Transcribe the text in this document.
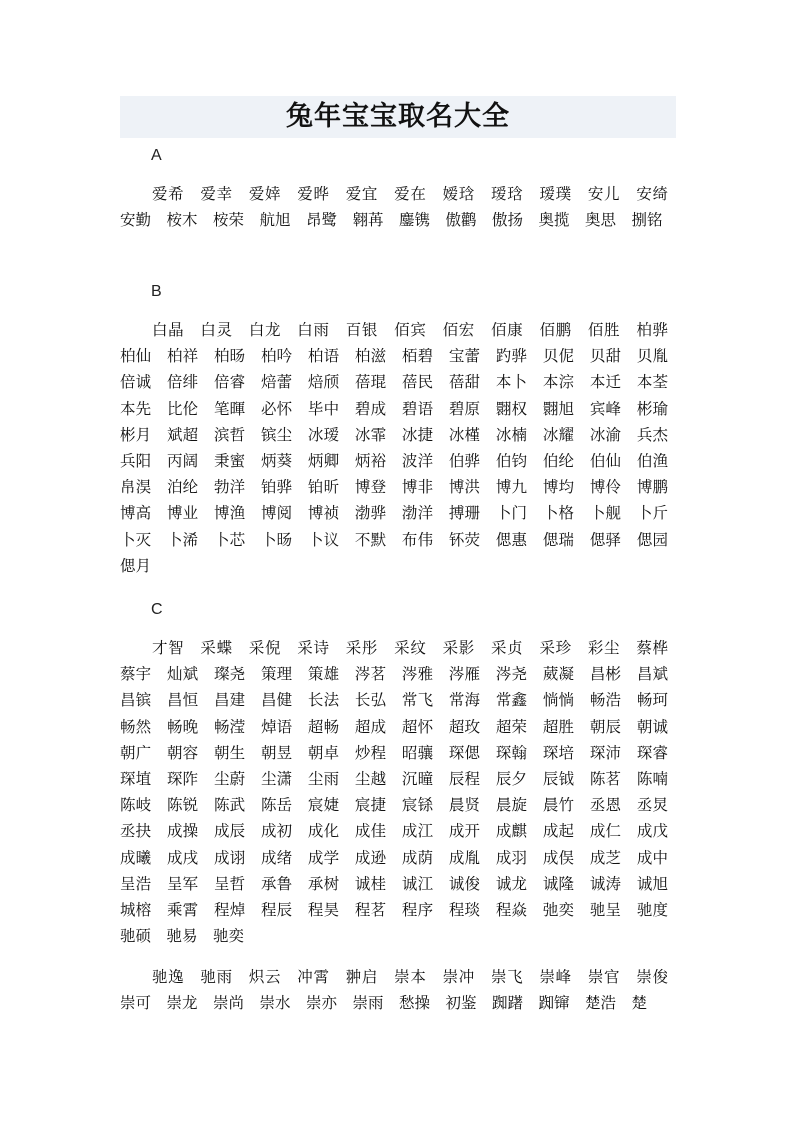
兔年宝宝取名大全
A
爱希　爱幸　爱婞　爱晔　爱宜　爱在　嫒琀　瑷琀　瑷璞　安儿　安绮　安勤　桉木　桉荣　航旭　昂鹭　翱苒　鏖镌　傲鹳　傲扬　奥揽　奥思　捌铭
B
白晶　白灵　白龙　白雨　百银　佰宾　佰宏　佰康　佰鹏　佰胜　柏骅　柏仙　柏祥　柏旸　柏吟　柏语　柏滋　栢碧　宝蕾　趵骅　贝伲　贝甜　贝胤　倍诚　倍绯　倍睿　焙蕾　焙颀　蓓琨　蓓民　蓓甜　本卜　本淙　本迁　本荃　本先　比伦　笔暉　必怀　毕中　碧成　碧语　碧原　翾权　翾旭　宾峰　彬瑜　彬月　斌超　滨哲　镔尘　冰瑷　冰霏　冰捷　冰槿　冰楠　冰耀　冰渝　兵杰　兵阳　丙阔　秉蜜　炳葵　炳卿　炳裕　波洋　伯骅　伯钧　伯纶　伯仙　伯渔　帛淏　泊纶　勃洋　铂骅　铂昕　博登　博非　博洪　博九　博均　博伶　博鹏　博高　博业　博渔　博阅　博祯　渤骅　渤洋　搏珊　卜门　卜格　卜舰　卜斤　卜灭　卜浠　卜芯　卜旸　卜议　不默　布伟　钚荧　偲惠　偲瑞　偲驿　偲园　偲月
C
才智　采蝶　采倪　采诗　采彤　采纹　采影　采贞　采珍　彩尘　蔡桦　蔡宇　灿斌　璨尧　策理　策雄　涔茗　涔雅　涔雁　涔尧　葳凝　昌彬　昌斌　昌镔　昌恒　昌建　昌健　长法　长弘　常飞　常海　常鑫　惝惝　畅浩　畅珂　畅然　畅晚　畅滢　焯语　超畅　超成　超怀　超玫　超荣　超胜　朝辰　朝诚　朝广　朝容　朝生　朝昱　朝卓　炒程　昭骧　琛偲　琛翰　琛培　琛沛　琛睿　琛埴　琛阼　尘蔚　尘潇　尘雨　尘越　沉曈　辰程　辰夕　辰钺　陈茗　陈喃　陈岐　陈锐　陈武　陈岳　宸婕　宸捷　宸铩　晨贤　晨旋　晨竹　丞恩　丞炅　丞抉　成操　成辰　成初　成化　成佳　成江　成开　成麒　成起　成仁　成戊　成曦　成戌　成诩　成绪　成学　成逊　成荫　成胤　成羽　成俣　成芝　成中　呈浩　呈军　呈哲　承鲁　承树　诚桂　诚江　诚俊　诚龙　诚隆　诚涛　诚旭　城榕　乘霄　程焯　程辰　程昊　程茗　程序　程琰　程焱　弛奕　驰呈　驰度　驰硕　驰易　驰奕
驰逸　驰雨　炽云　冲霄　翀启　崇本　崇冲　崇飞　崇峰　崇官　崇俊　崇可　崇龙　崇尚　崇水　崇亦　崇雨　愁操　初鉴　踟躇　踟镩　楚浩　楚
